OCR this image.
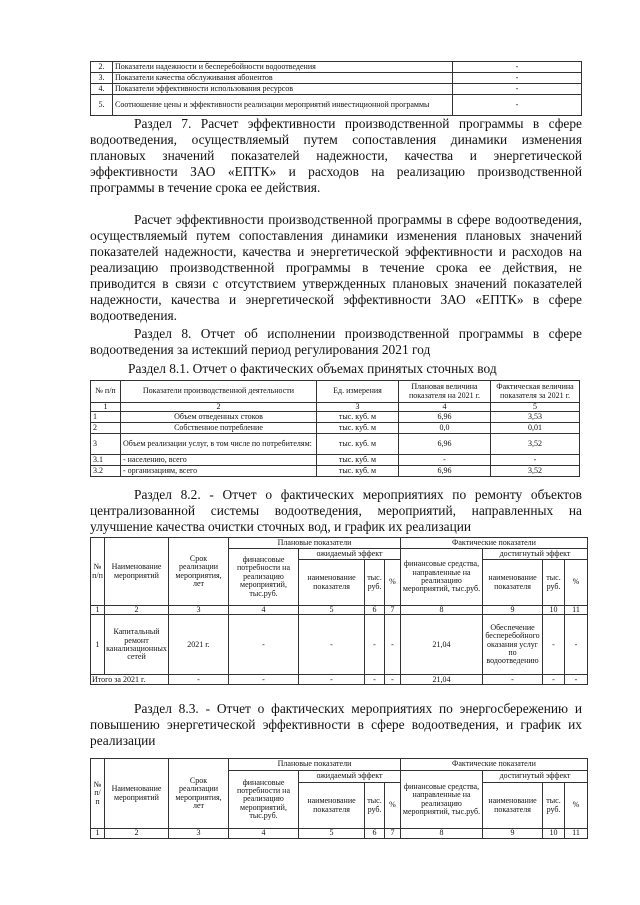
2.	Показатели надежности и бесперебойности водоотведения	-
3.	Показатели качества обслуживания абонентов	-
4.	Показатели эффективности использования ресурсов	-
5.	Соотношение цены и эффективности реализации мероприятий инвестиционной программы	-

Раздел 7. Расчет эффективности производственной программы в сфере водоотведения, осуществляемый путем сопоставления динамики изменения плановых значений показателей надежности, качества и энергетической эффективности ЗАО «ЕПТК» и расходов на реализацию производственной программы в течение срока ее действия.

Расчет эффективности производственной программы в сфере водоотведения, осуществляемый путем сопоставления динамики изменения плановых значений показателей надежности, качества и энергетической эффективности и расходов на реализацию производственной программы в течение срока ее действия, не приводится в связи с отсутствием утвержденных плановых значений показателей надежности, качества и энергетической эффективности ЗАО «ЕПТК» в сфере водоотведения.

Раздел 8. Отчет об исполнении производственной программы в сфере водоотведения за истекший период регулирования 2021 год

Раздел 8.1. Отчет о фактических объемах принятых сточных вод
№ п/п	Показатели производственной деятельности	Ед. измерения	Плановая величина показателя на 2021 г.	Фактическая величина показателя за 2021 г.
1	2	3	4	5
1	Объем отведенных стоков	тыс. куб. м	6,96	3,53
2	Собственное потребление	тыс. куб. м	0,0	0,01
3	Объем реализации услуг, в том числе по потребителям:	тыс. куб. м	6,96	3,52
3.1	- населению, всего	тыс. куб. м	-	-
3.2	- организациям, всего	тыс. куб. м	6,96	3,52

Раздел 8.2. - Отчет о фактических мероприятиях по ремонту объектов централизованной системы водоотведения, мероприятий, направленных на улучшение качества очистки сточных вод, и график их реализации

№ п/п	Наименование мероприятий	Срок реализации мероприятия, лет	Плановые показатели				Фактические показатели			
			финансовые потребности на реализацию мероприятий, тыс.руб.	ожидаемый эффект			финансовые средства, направленные на реализацию мероприятий, тыс.руб.	достигнутый эффект		
				наименование показателя	тыс. руб.	%		наименование показателя	тыс. руб.	%
1	2	3	4	5	6	7	8	9	10	11
1	Капитальный ремонт канализационных сетей	2021 г.	-	-	-	-	21,04	Обеспечение бесперебойного оказания услуг по водоотведению	-	-
Итого за 2021 г.		-	-	-	-	-	21,04	-	-	-

Раздел 8.3. - Отчет о фактических мероприятиях по энергосбережению и повышению энергетической эффективности в сфере водоотведения, и график их реализации

№ п/ п	Наименование мероприятий	Срок реализации мероприятия, лет	Плановые показатели				Фактические показатели			
			финансовые потребности на реализацию мероприятий, тыс.руб.	ожидаемый эффект			финансовые средства, направленные на реализацию мероприятий, тыс.руб.	достигнутый эффект		
				наименование показателя	тыс. руб.	%		наименование показателя	тыс. руб.	%
1	2	3	4	5	6	7	8	9	10	11
